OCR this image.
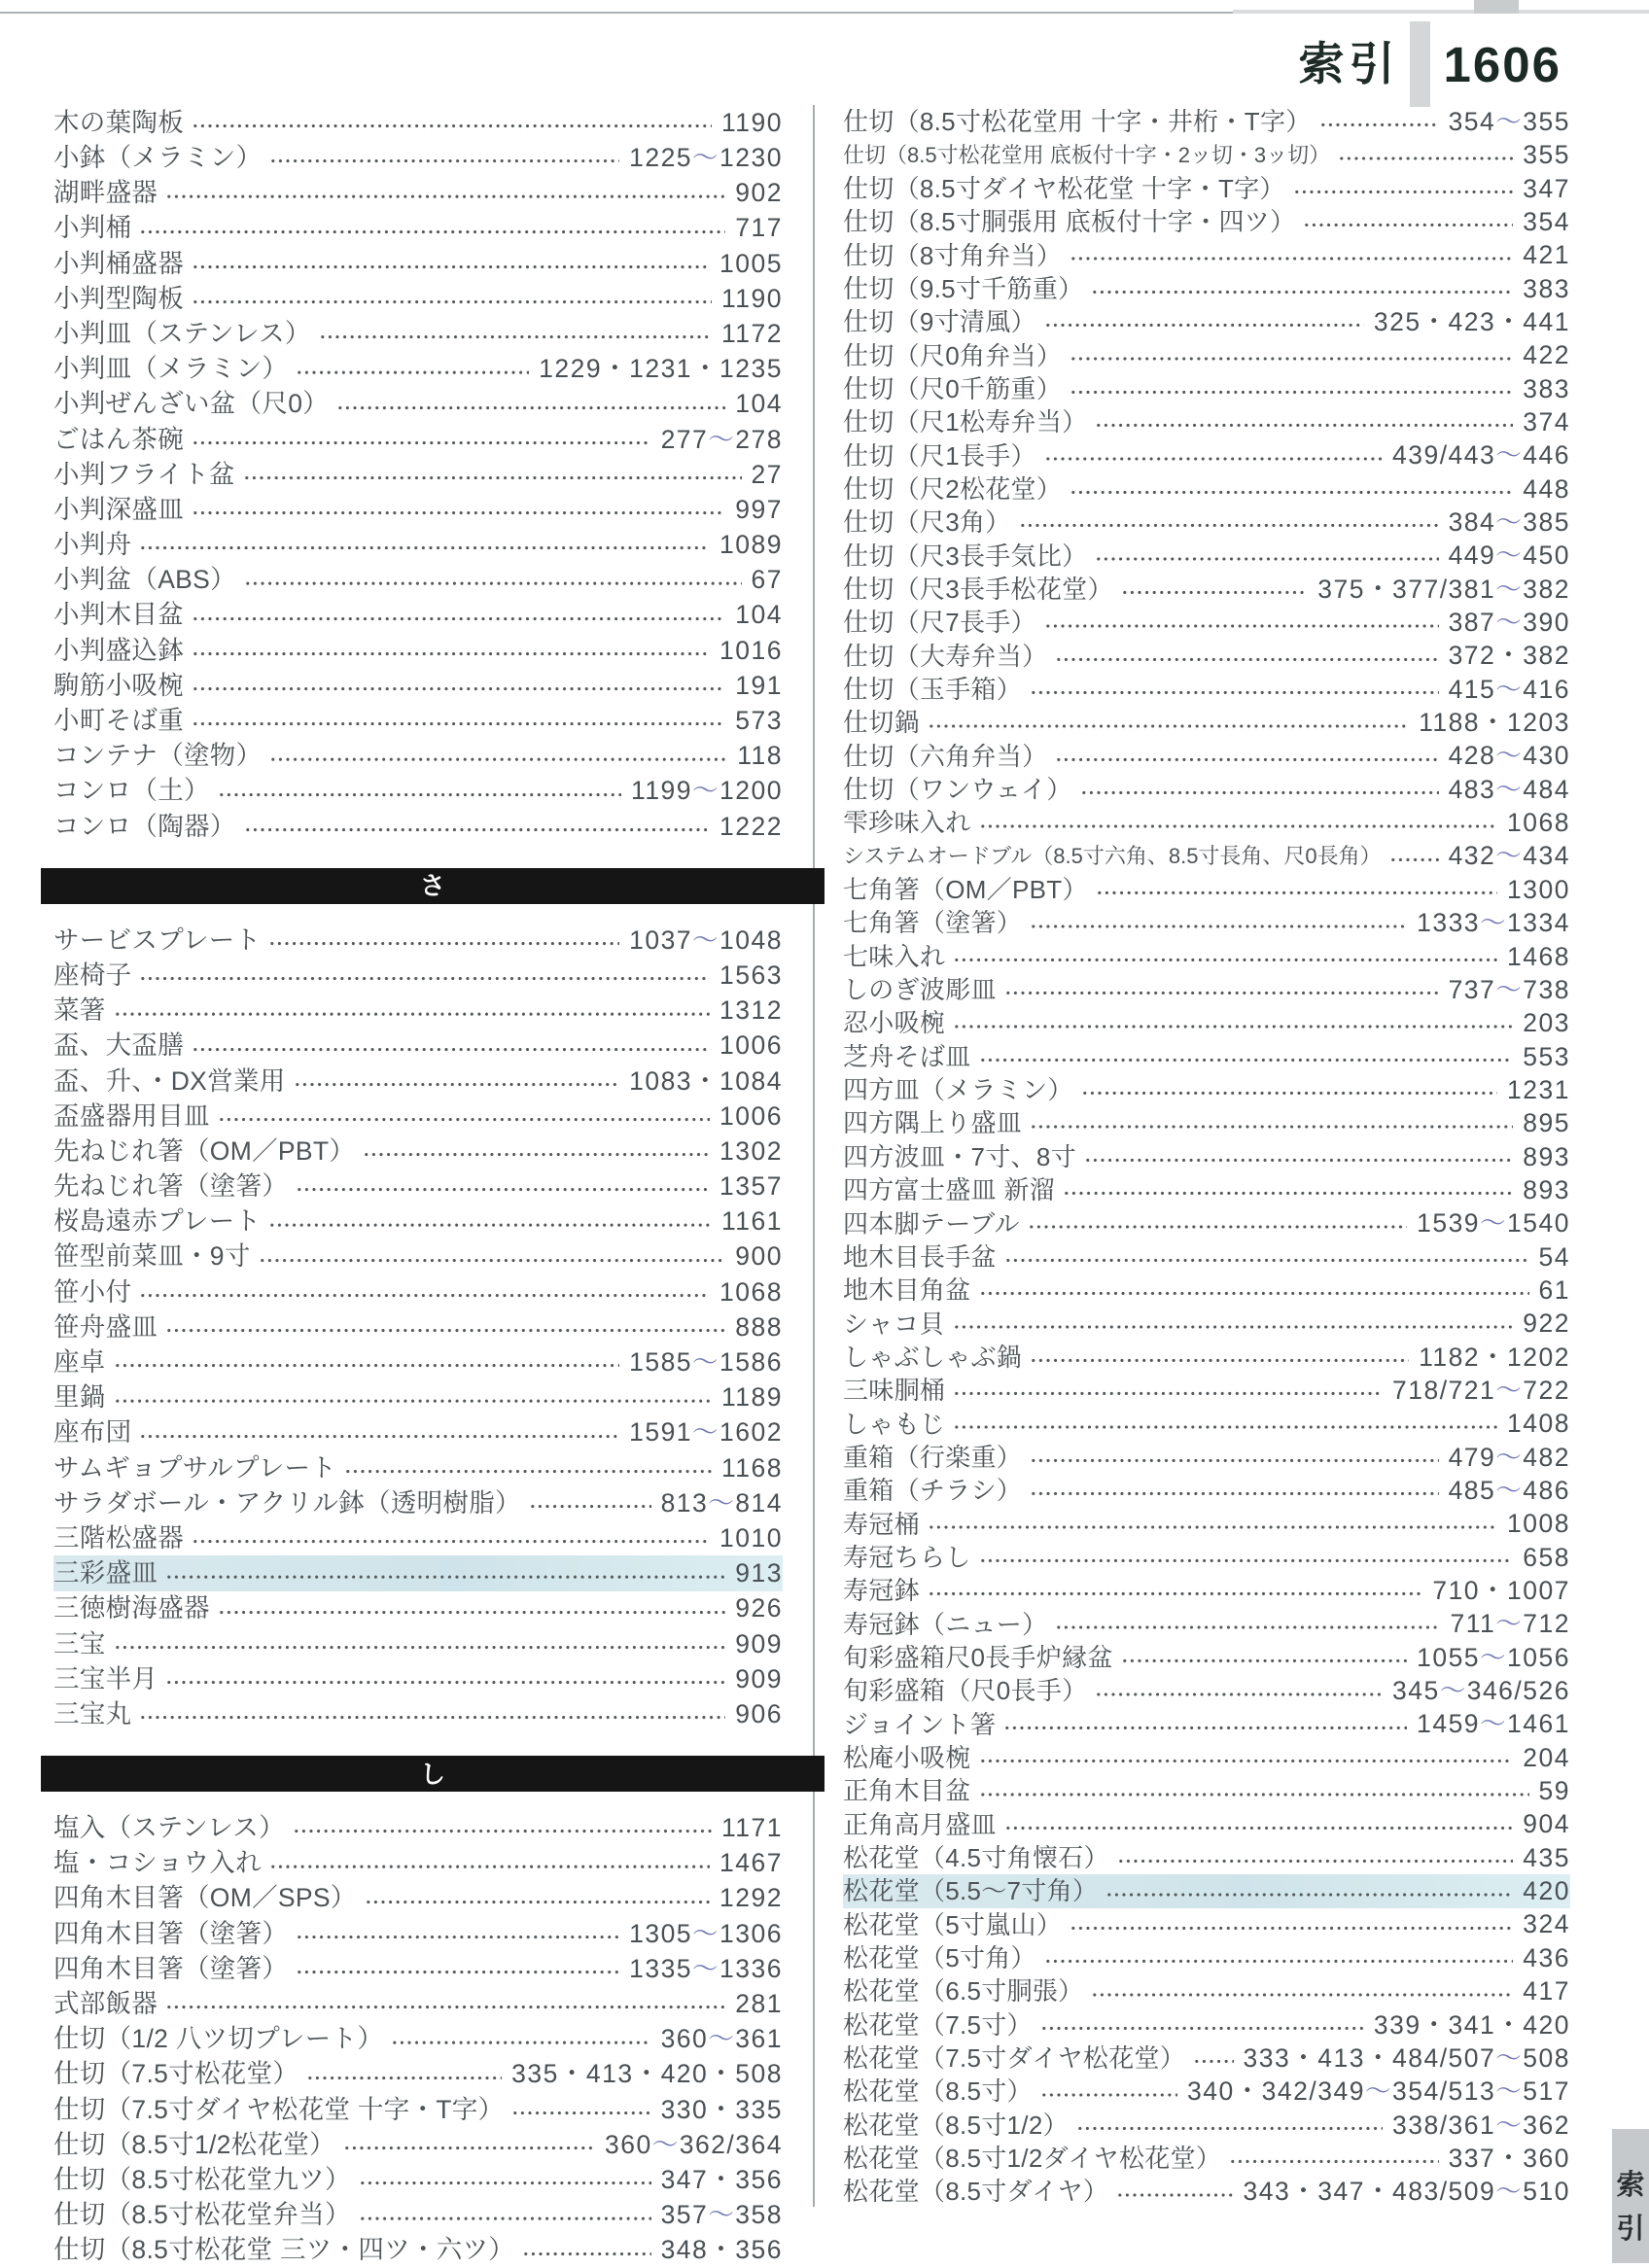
索引 1606
木の葉陶板	1190
小鉢（メラミン）	1225～1230
湖畔盛器	902
小判桶	717
小判桶盛器	1005
小判型陶板	1190
小判皿（ステンレス）	1172
小判皿（メラミン）	1229・1231・1235
小判ぜんざい盆（尺0）	104
ごはん茶碗	277～278
小判フライト盆	27
小判深盛皿	997
小判舟	1089
小判盆（ABS）	67
小判木目盆	104
小判盛込鉢	1016
駒筋小吸椀	191
小町そば重	573
コンテナ（塗物）	118
コンロ（土）	1199～1200
コンロ（陶器）	1222
さ
サービスプレート	1037～1048
座椅子	1563
菜箸	1312
盃、大盃膳	1006
盃、升、・DX営業用	1083・1084
盃盛器用目皿	1006
先ねじれ箸（OM／PBT）	1302
先ねじれ箸（塗箸）	1357
桜島遠赤プレート	1161
笹型前菜皿・9寸	900
笹小付	1068
笹舟盛皿	888
座卓	1585～1586
里鍋	1189
座布団	1591～1602
サムギョプサルプレート	1168
サラダボール・アクリル鉢（透明樹脂）	813～814
三階松盛器	1010
三彩盛皿	913
三徳樹海盛器	926
三宝	909
三宝半月	909
三宝丸	906
し
塩入（ステンレス）	1171
塩・コショウ入れ	1467
四角木目箸（OM／SPS）	1292
四角木目箸（塗箸）	1305～1306
四角木目箸（塗箸）	1335～1336
式部飯器	281
仕切（1/2 八ツ切プレート）	360～361
仕切（7.5寸松花堂）	335・413・420・508
仕切（7.5寸ダイヤ松花堂 十字・T字）	330・335
仕切（8.5寸1/2松花堂）	360～362/364
仕切（8.5寸松花堂九ツ）	347・356
仕切（8.5寸松花堂弁当）	357～358
仕切（8.5寸松花堂 三ツ・四ツ・六ツ）	348・356
仕切（8.5寸松花堂用 十字・井桁・T字）	354～355
仕切（8.5寸松花堂用 底板付十字・2ッ切・3ッ切）	355
仕切（8.5寸ダイヤ松花堂 十字・T字）	347
仕切（8.5寸胴張用 底板付十字・四ツ）	354
仕切（8寸角弁当）	421
仕切（9.5寸千筋重）	383
仕切（9寸清風）	325・423・441
仕切（尺0角弁当）	422
仕切（尺0千筋重）	383
仕切（尺1松寿弁当）	374
仕切（尺1長手）	439/443～446
仕切（尺2松花堂）	448
仕切（尺3角）	384～385
仕切（尺3長手気比）	449～450
仕切（尺3長手松花堂）	375・377/381～382
仕切（尺7長手）	387～390
仕切（大寿弁当）	372・382
仕切（玉手箱）	415～416
仕切鍋	1188・1203
仕切（六角弁当）	428～430
仕切（ワンウェイ）	483～484
雫珍味入れ	1068
システムオードブル（8.5寸六角、8.5寸長角、尺0長角）	432～434
七角箸（OM／PBT）	1300
七角箸（塗箸）	1333～1334
七味入れ	1468
しのぎ波彫皿	737～738
忍小吸椀	203
芝舟そば皿	553
四方皿（メラミン）	1231
四方隅上り盛皿	895
四方波皿・7寸、8寸	893
四方富士盛皿 新溜	893
四本脚テーブル	1539～1540
地木目長手盆	54
地木目角盆	61
シャコ貝	922
しゃぶしゃぶ鍋	1182・1202
三味胴桶	718/721～722
しゃもじ	1408
重箱（行楽重）	479～482
重箱（チラシ）	485～486
寿冠桶	1008
寿冠ちらし	658
寿冠鉢	710・1007
寿冠鉢（ニュー）	711～712
旬彩盛箱尺0長手炉縁盆	1055～1056
旬彩盛箱（尺0長手）	345～346/526
ジョイント箸	1459～1461
松庵小吸椀	204
正角木目盆	59
正角高月盛皿	904
松花堂（4.5寸角懐石）	435
松花堂（5.5～7寸角）	420
松花堂（5寸嵐山）	324
松花堂（5寸角）	436
松花堂（6.5寸胴張）	417
松花堂（7.5寸）	339・341・420
松花堂（7.5寸ダイヤ松花堂） 333・413・484/507～508
松花堂（8.5寸）	340・342/349～354/513～517
松花堂（8.5寸1/2）	338/361～362
松花堂（8.5寸1/2ダイヤ松花堂）	337・360
松花堂（8.5寸ダイヤ）	343・347・483/509～510 索
引
